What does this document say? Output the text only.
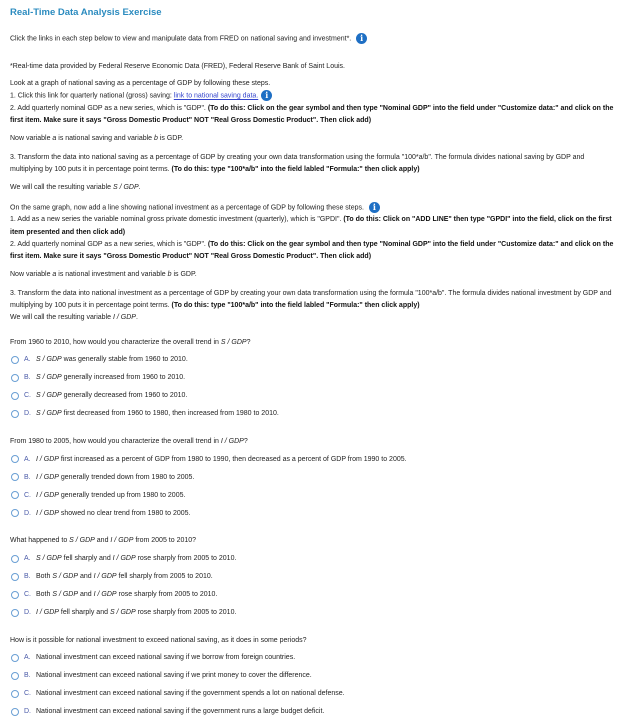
Real-Time Data Analysis Exercise

Click the links in each step below to view and manipulate data from FRED on national saving and investment*. i

*Real-time data provided by Federal Reserve Economic Data (FRED), Federal Reserve Bank of Saint Louis.

Look at a graph of national saving as a percentage of GDP by following these steps.

1. Click this link for quarterly national (gross) saving: link to national saving data. i

2. Add quarterly nominal GDP as a new series, which is "GDP". (To do this: Click on the gear symbol and then type "Nominal GDP" into the field under "Customize data:" and click on the first item. Make sure it says "Gross Domestic Product" NOT "Real Gross Domestic Product". Then click add)

Now variable a is national saving and variable b is GDP.

3. Transform the data into national saving as a percentage of GDP by creating your own data transformation using the formula "100*a/b". The formula divides national saving by GDP and multiplying by 100 puts it in percentage point terms. (To do this: type "100*a/b" into the field labled "Formula:" then click apply)

We will call the resulting variable S / GDP.

On the same graph, now add a line showing national investment as a percentage of GDP by following these steps. i

1. Add as a new series the variable nominal gross private domestic investment (quarterly), which is "GPDI". (To do this: Click on "ADD LINE" then type "GPDI" into the field, click on the first item presented and then click add)

2. Add quarterly nominal GDP as a new series, which is "GDP". (To do this: Click on the gear symbol and then type "Nominal GDP" into the field under "Customize data:" and click on the first item. Make sure it says "Gross Domestic Product" NOT "Real Gross Domestic Product". Then click add)

Now variable a is national investment and variable b is GDP.

3. Transform the data into national investment as a percentage of GDP by creating your own data transformation using the formula "100*a/b". The formula divides national investment by GDP and multiplying by 100 puts it in percentage point terms. (To do this: type "100*a/b" into the field labled "Formula:" then click apply)

We will call the resulting variable I / GDP.

From 1960 to 2010, how would you characterize the overall trend in S / GDP?

A. S / GDP was generally stable from 1960 to 2010.
B. S / GDP generally increased from 1960 to 2010.
C. S / GDP generally decreased from 1960 to 2010.
D. S / GDP first decreased from 1960 to 1980, then increased from 1980 to 2010.

From 1980 to 2005, how would you characterize the overall trend in I / GDP?

A. I / GDP first increased as a percent of GDP from 1980 to 1990, then decreased as a percent of GDP from 1990 to 2005.
B. I / GDP generally trended down from 1980 to 2005.
C. I / GDP generally trended up from 1980 to 2005.
D. I / GDP showed no clear trend from 1980 to 2005.

What happened to S / GDP and I / GDP from 2005 to 2010?

A. S / GDP fell sharply and I / GDP rose sharply from 2005 to 2010.
B. Both S / GDP and I / GDP fell sharply from 2005 to 2010.
C. Both S / GDP and I / GDP rose sharply from 2005 to 2010.
D. I / GDP fell sharply and S / GDP rose sharply from 2005 to 2010.

How is it possible for national investment to exceed national saving, as it does in some periods?

A. National investment can exceed national saving if we borrow from foreign countries.
B. National investment can exceed national saving if we print money to cover the difference.
C. National investment can exceed national saving if the government spends a lot on national defense.
D. National investment can exceed national saving if the government runs a large budget deficit.
